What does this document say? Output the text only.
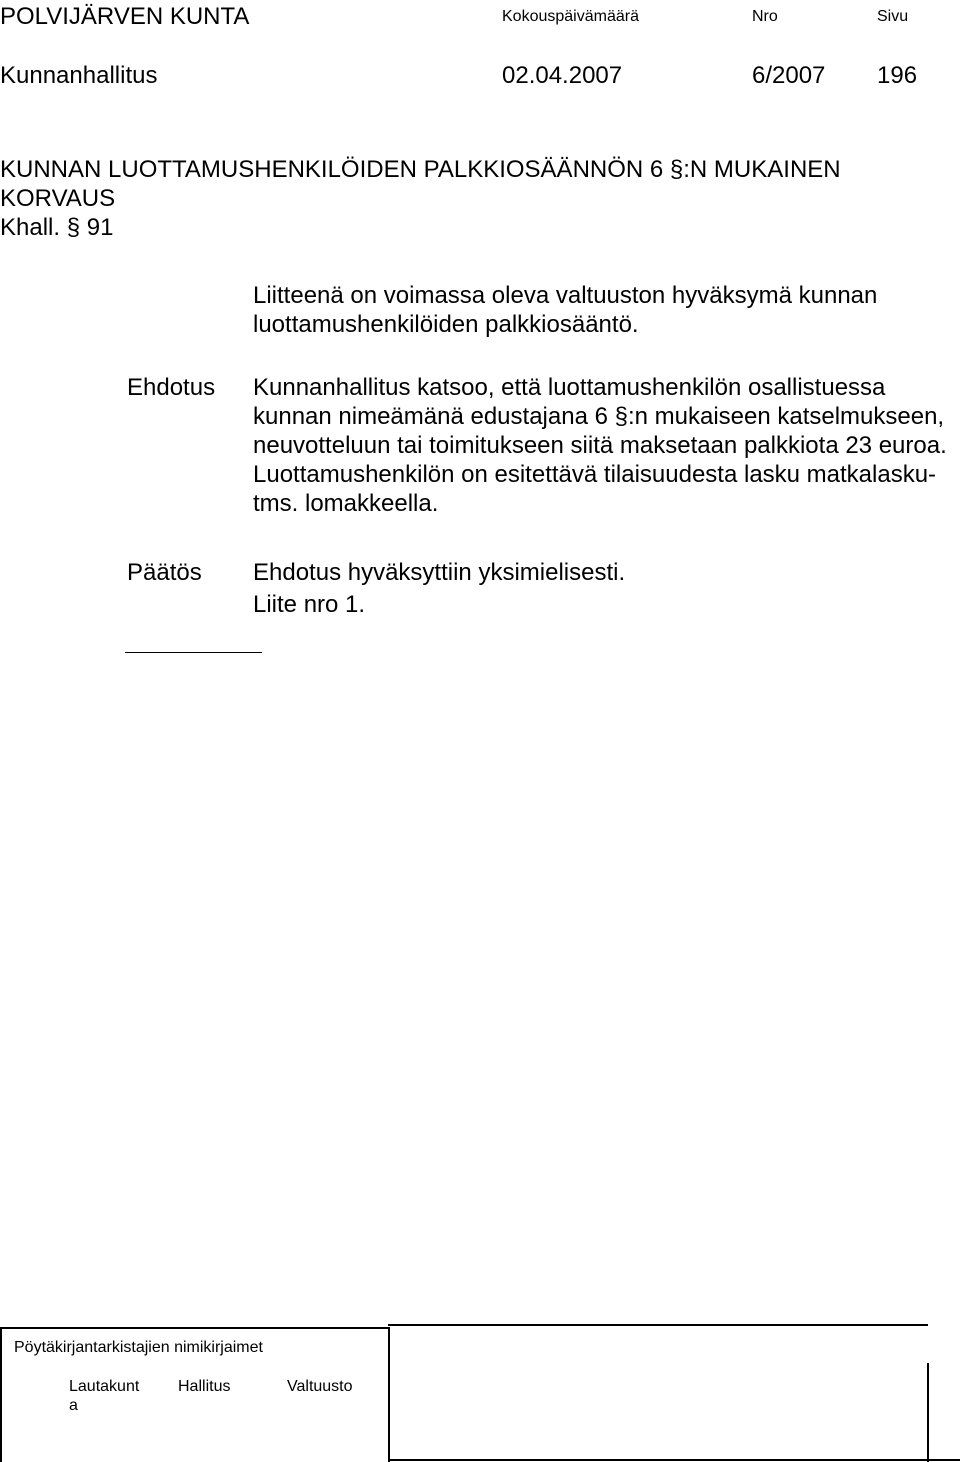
POLVIJÄRVEN KUNTA	Kokouspäivämäärä	Nro	Sivu
Kunnanhallitus	02.04.2007	6/2007 196
KUNNAN LUOTTAMUSHENKILÖIDEN PALKKIOSÄÄNNÖN 6 §:N MUKAINEN
KORVAUS
Khall. § 91
Liitteenä on voimassa oleva valtuuston hyväksymä kunnan luottamushenkilöiden palkkiosääntö.
Ehdotus Kunnanhallitus katsoo, että luottamushenkilön osallistuessa kunnan nimeämänä edustajana 6 §:n mukaiseen katselmukseen, neuvotteluun tai toimitukseen siitä maksetaan palkkiota 23 euroa. Luottamushenkilön on esitettävä tilaisuudesta lasku matkalasku- tms. lomakkeella.
Päätös Ehdotus hyväksyttiin yksimielisesti.
Liite nro 1.
Pöytäkirjantarkistajien nimikirjaimet
Lautakunt
a
Hallitus	Valtuusto
